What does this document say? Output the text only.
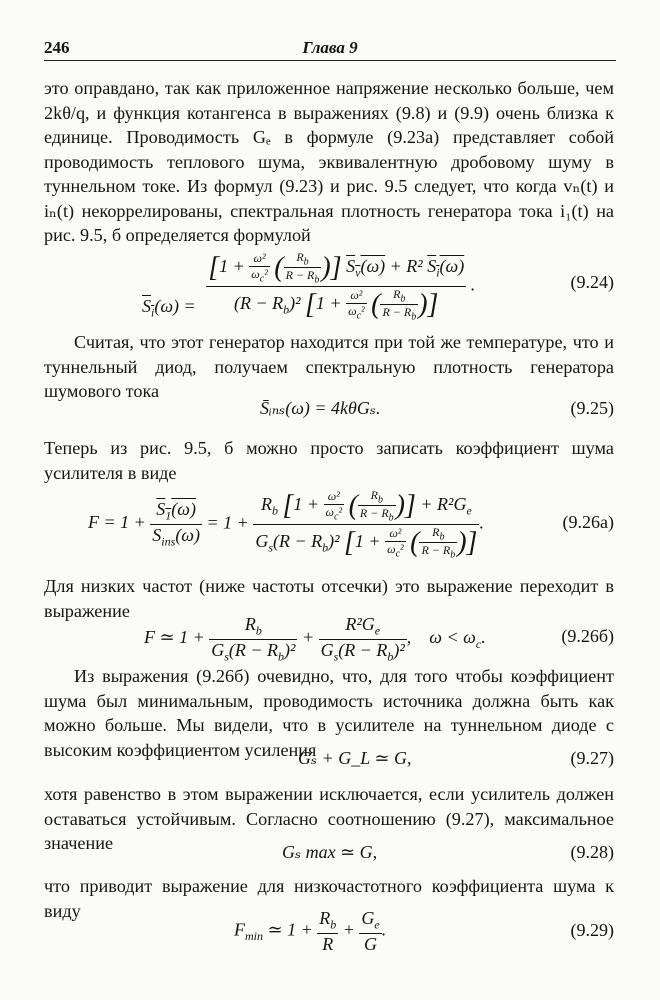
246	Глава 9
это оправдано, так как приложенное напряжение несколько больше, чем 2kθ/q, и функция котангенса в выражениях (9.8) и (9.9) очень близка к единице. Проводимость Gₑ в формуле (9.23a) представляет собой проводимость теплового шума, эквивалентную дробовому шуму в туннельном токе. Из формул (9.23) и рис. 9.5 следует, что когда vₙ(t) и iₙ(t) некоррелированы, спектральная плотность генератора тока i₁(t) на рис. 9.5, б определяется формулой
$S_i(\omega) = \frac{[1 + \frac{\text{ω²}}{\omega_c^2} ( \frac{R_b}{R - R_b} )] S_v(\omega) + R^2 S_i(\omega)}{(R - R_b)^2 [1 + \frac{\text{ω²}}{\omega_c^2} ( \frac{R_b}{R - R_b} )]}$ .	(9.24)
Считая, что этот генератор находится при той же температуре, что и туннельный диод, получаем спектральную плотность генератора шумового тока
S̄ᵢₙₛ(ω) = 4kθGₛ.	(9.25)
Теперь из рис. 9.5, б можно просто записать коэффициент шума усилителя в виде
$F = 1 + \frac{S_1(\omega)}{S_{ins}(\omega)} = 1 + \frac{R_b [1 + \frac{\text{ω²}}{\omega_c^2} ( \frac{R_b}{R - R_b} )] + R^2G_e}{G_s(R - R_b)^2 [1 + \frac{\text{ω²}}{\omega_c^2} ( \frac{R_b}{R - R_b} )]}$ .	(9.26a)
Для низких частот (ниже частоты отсечки) это выражение переходит в выражение
F ≃ $1 + \frac{R_b}{G_s(R - R_b)^2} + \frac{R^2G_e}{G_s(R - R_b)^2}$ ,    $\omega < \omega_c$.	(9.26б)
Из выражения (9.26б) очевидно, что, для того чтобы коэффициент шума был минимальным, проводимость источника должна быть как можно больше. Мы видели, что в усилителе на туннельном диоде с высоким коэффициентом усиления
Gₛ + G_L ≃ G,	(9.27)
хотя равенство в этом выражении исключается, если усилитель должен оставаться устойчивым. Согласно соотношению (9.27), максимальное значение	Gₛ max ≃ G,	(9.28)
что приводит выражение для низкочастотного коэффициента шума к виду
$F_{min}$ ≃ $1 + \frac{R_b}{R} + \frac{G_e}{G}$ .	(9.29)
